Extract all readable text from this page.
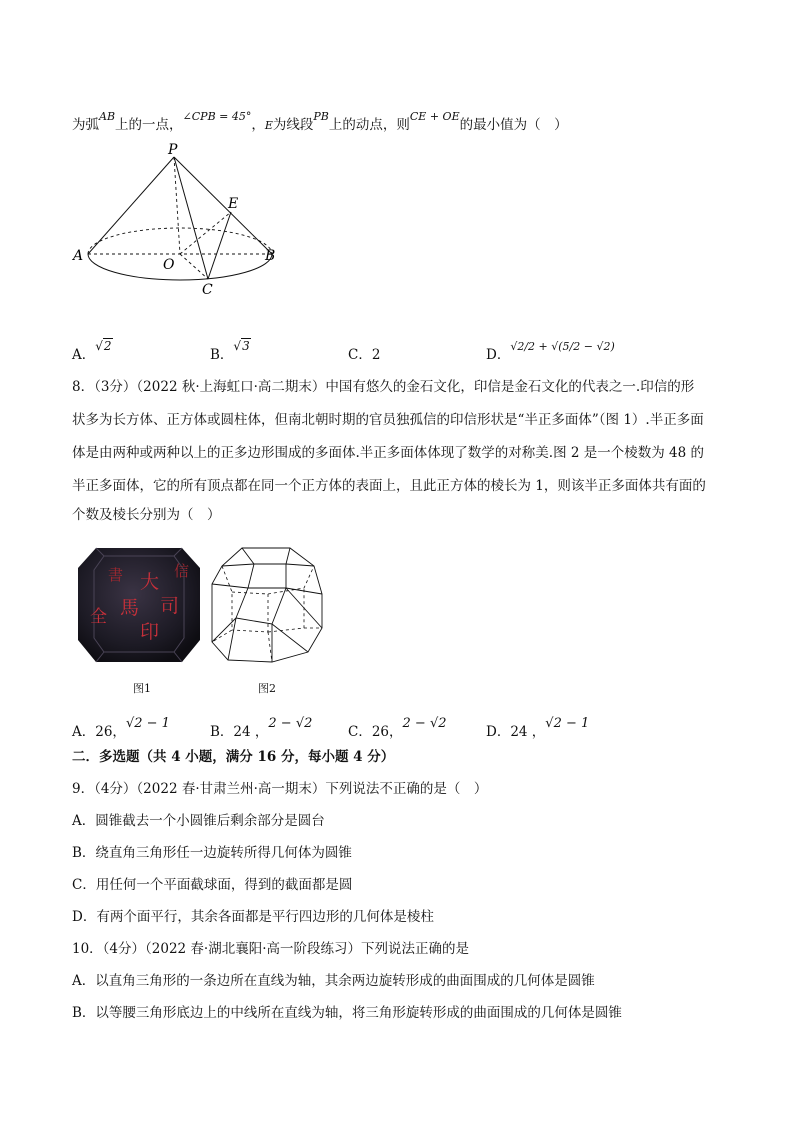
为弧$^{AB}$上的一点，$^{\angle CPB = 45^\circ}$，E为线段$^{PB}$上的动点，则$^{CE + OE}$的最小值为（　）
P
E
A
O
B
C
A．√2
B．√3
C．2	D．$^{√2/2 + √(5/2 - √2)}$
8．（3分）（2022 秋·上海虹口·高二期末）中国有悠久的金石文化，印信是金石文化的代表之一.印信的形
状多为长方体、正方体或圆柱体，但南北朝时期的官员独孤信的印信形状是“半正多面体”（图 1）.半正多面
体是由两种或两种以上的正多边形围成的多面体.半正多面体体现了数学的对称美.图 2 是一个棱数为 48 的
半正多面体，它的所有顶点都在同一个正方体的表面上，且此正方体的棱长为 1，则该半正多面体共有面的
个数及棱长分别为（　）
大
司
馬
印
全
書	信
图1	图2
A．26，√2 − 1
B．24 ，2 − √2
C．26，2 − √2
D．24 ，√2 − 1
二．多选题（共 4 小题，满分 16 分，每小题 4 分）
9．（4分）（2022 春·甘肃兰州·高一期末）下列说法不正确的是（　）
A．圆锥截去一个小圆锥后剩余部分是圆台
B．绕直角三角形任一边旋转所得几何体为圆锥
C．用任何一个平面截球面，得到的截面都是圆
D．有两个面平行，其余各面都是平行四边形的几何体是棱柱
10．（4分）（2022 春·湖北襄阳·高一阶段练习）下列说法正确的是
A．以直角三角形的一条边所在直线为轴，其余两边旋转形成的曲面围成的几何体是圆锥
B．以等腰三角形底边上的中线所在直线为轴，将三角形旋转形成的曲面围成的几何体是圆锥
